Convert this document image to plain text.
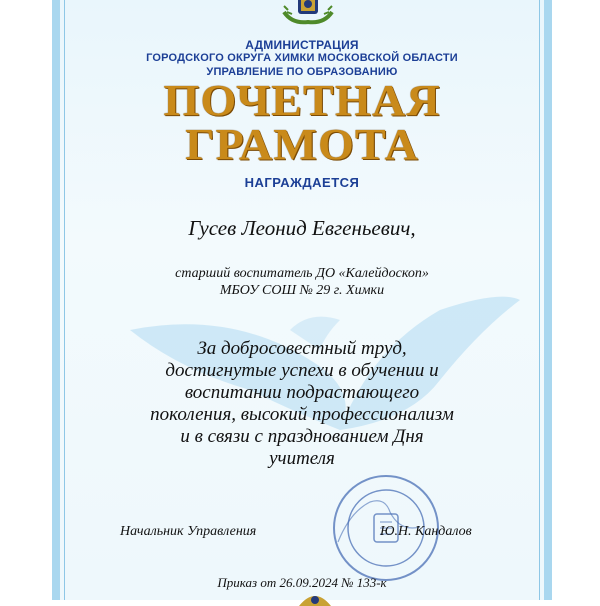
АДМИНИСТРАЦИЯ
ГОРОДСКОГО ОКРУГА ХИМКИ МОСКОВСКОЙ ОБЛАСТИ
УПРАВЛЕНИЕ ПО ОБРАЗОВАНИЮ
ПОЧЕТНАЯ
ГРАМОТА
НАГРАЖДАЕТСЯ
Гусев Леонид Евгеньевич,
старший воспитатель ДО «Калейдоскоп»
МБОУ СОШ № 29 г. Химки
За добросовестный труд,
достигнутые успехи в обучении и
воспитании подрастающего
поколения, высокий профессионализм
и в связи с празднованием Дня
учителя
Начальник Управления	Ю.Н. Кандалов
Приказ от 26.09.2024 № 133-к
